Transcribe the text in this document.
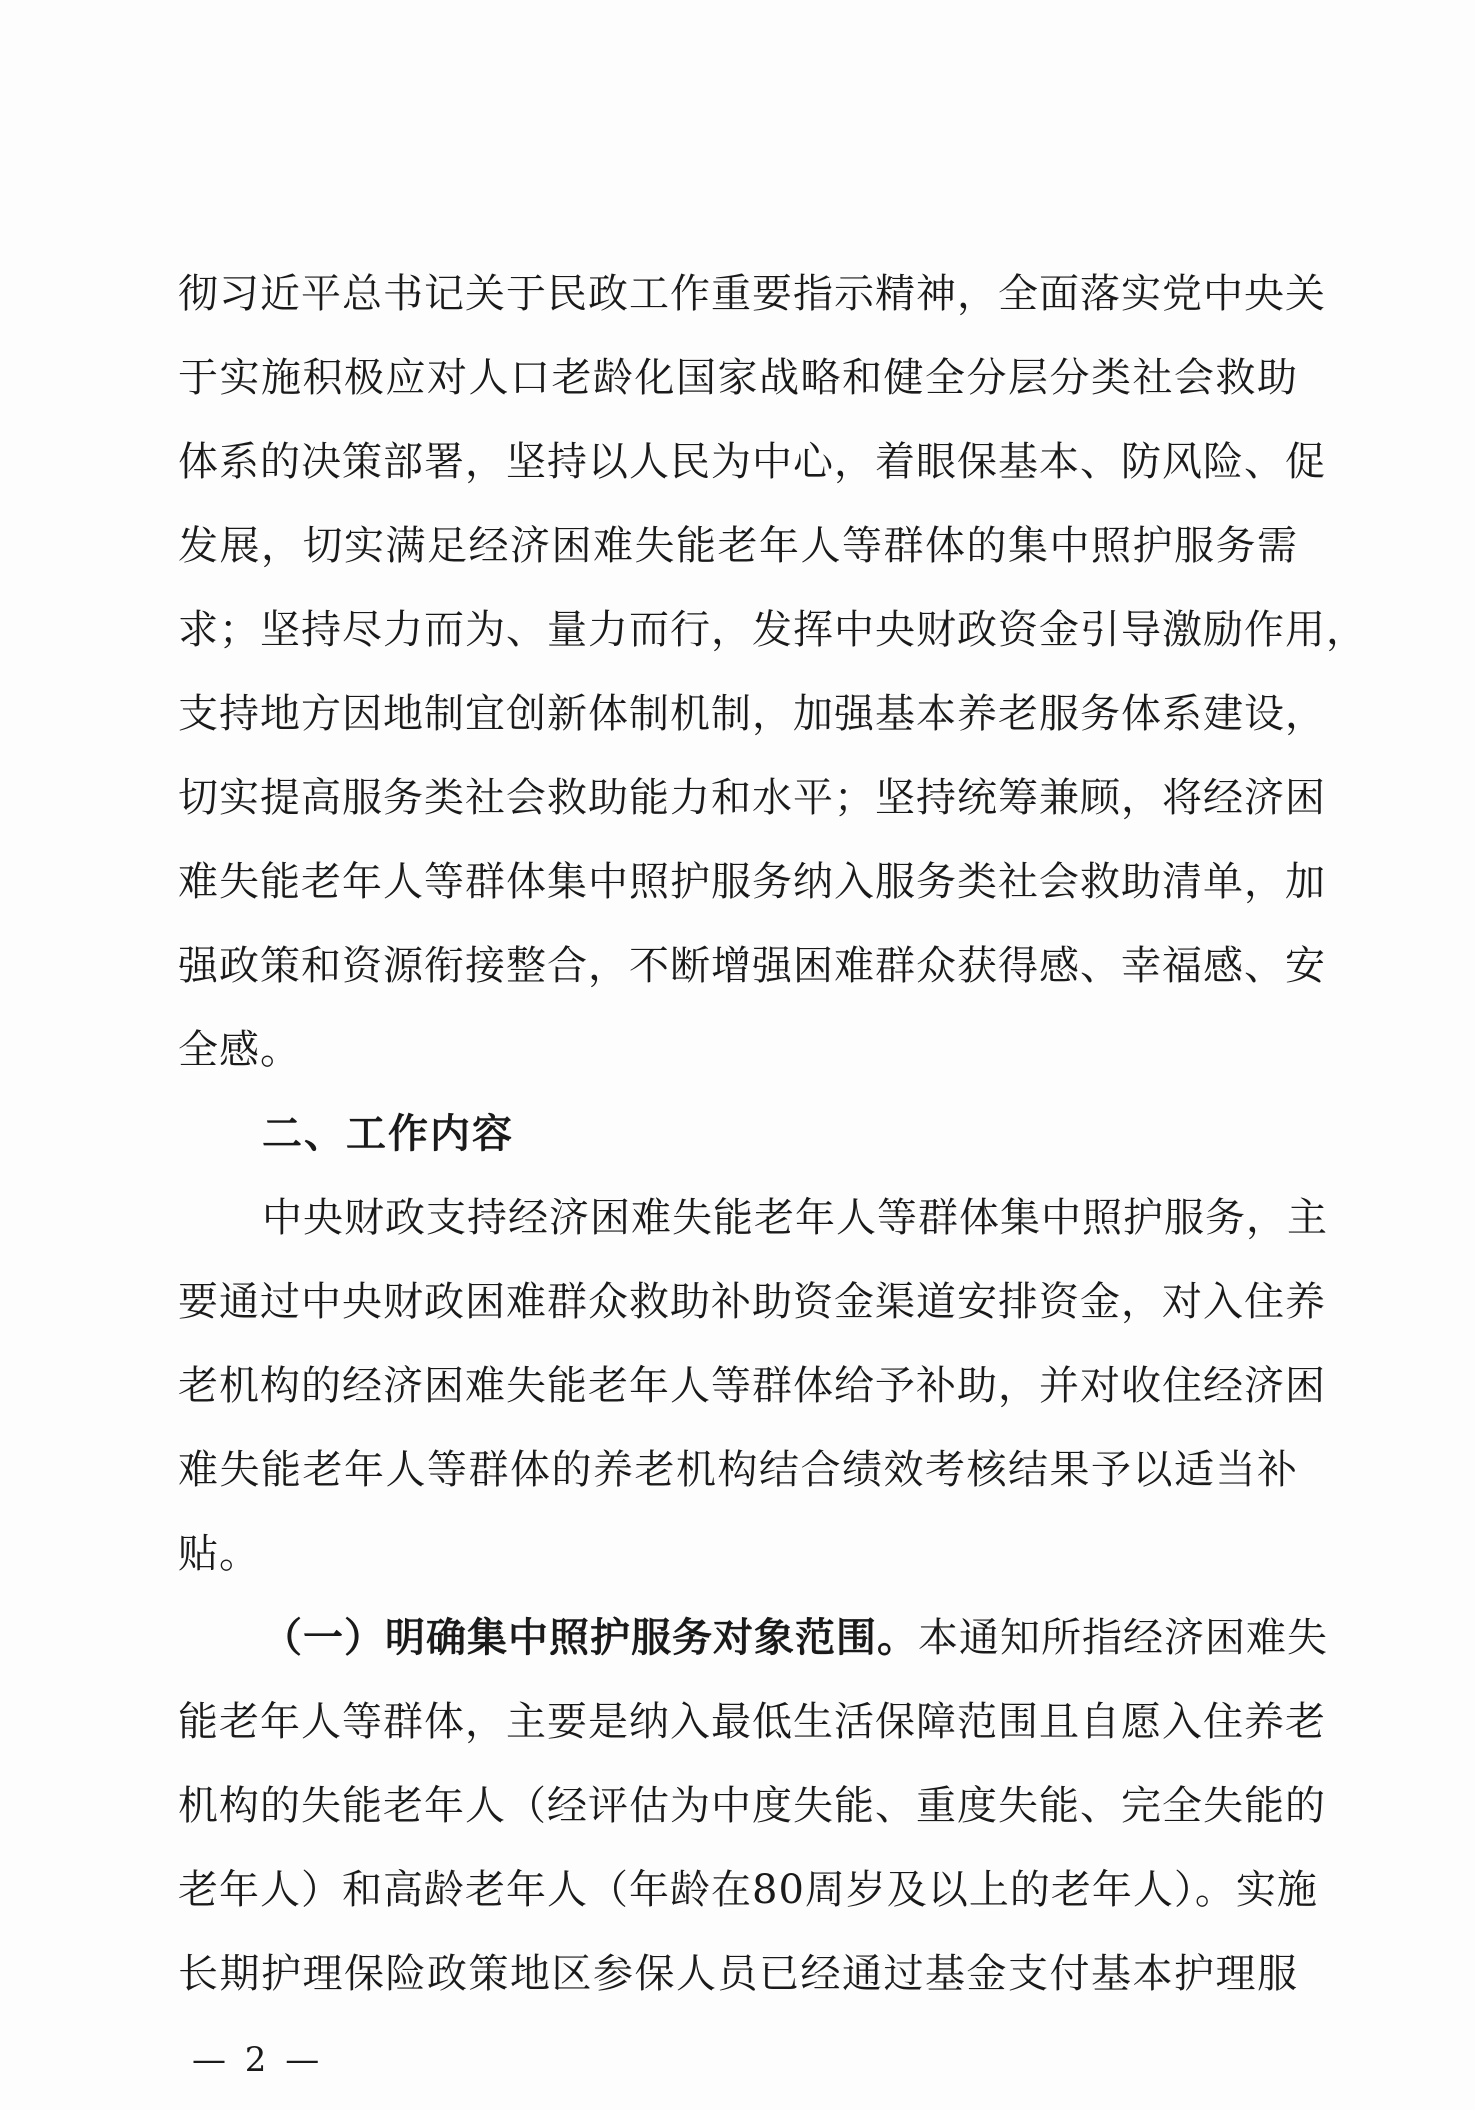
彻习近平总书记关于民政工作重要指示精神，全面落实党中央关
于实施积极应对人口老龄化国家战略和健全分层分类社会救助
体系的决策部署，坚持以人民为中心，着眼保基本、防风险、促
发展，切实满足经济困难失能老年人等群体的集中照护服务需
求；坚持尽力而为、量力而行，发挥中央财政资金引导激励作用，
支持地方因地制宜创新体制机制，加强基本养老服务体系建设，
切实提高服务类社会救助能力和水平；坚持统筹兼顾，将经济困
难失能老年人等群体集中照护服务纳入服务类社会救助清单，加
强政策和资源衔接整合，不断增强困难群众获得感、幸福感、安
全感。
二、工作内容
中央财政支持经济困难失能老年人等群体集中照护服务，主
要通过中央财政困难群众救助补助资金渠道安排资金，对入住养
老机构的经济困难失能老年人等群体给予补助，并对收住经济困
难失能老年人等群体的养老机构结合绩效考核结果予以适当补
贴。
（一）明确集中照护服务对象范围。本通知所指经济困难失
能老年人等群体，主要是纳入最低生活保障范围且自愿入住养老
机构的失能老年人（经评估为中度失能、重度失能、完全失能的
老年人）和高龄老年人（年龄在80周岁及以上的老年人）。实施
长期护理保险政策地区参保人员已经通过基金支付基本护理服
— 2 —
